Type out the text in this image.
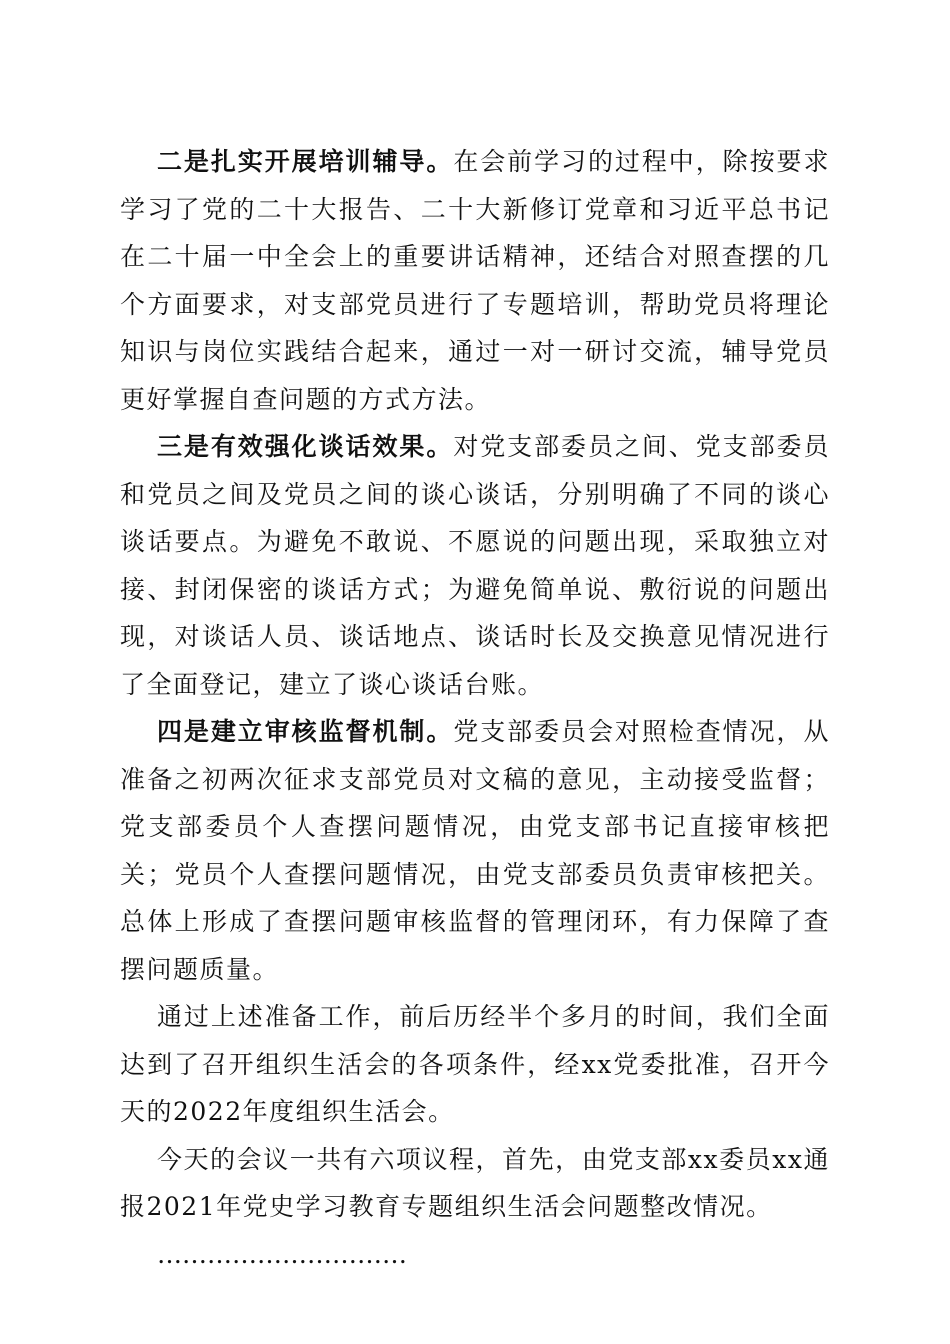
二是扎实开展培训辅导。在会前学习的过程中，除按要求学习了党的二十大报告、二十大新修订党章和习近平总书记在二十届一中全会上的重要讲话精神，还结合对照查摆的几个方面要求，对支部党员进行了专题培训，帮助党员将理论知识与岗位实践结合起来，通过一对一研讨交流，辅导党员更好掌握自查问题的方式方法。

三是有效强化谈话效果。对党支部委员之间、党支部委员和党员之间及党员之间的谈心谈话，分别明确了不同的谈心谈话要点。为避免不敢说、不愿说的问题出现，采取独立对接、封闭保密的谈话方式；为避免简单说、敷衍说的问题出现，对谈话人员、谈话地点、谈话时长及交换意见情况进行了全面登记，建立了谈心谈话台账。

四是建立审核监督机制。党支部委员会对照检查情况，从准备之初两次征求支部党员对文稿的意见，主动接受监督；党支部委员个人查摆问题情况，由党支部书记直接审核把关；党员个人查摆问题情况，由党支部委员负责审核把关。总体上形成了查摆问题审核监督的管理闭环，有力保障了查摆问题质量。

通过上述准备工作，前后历经半个多月的时间，我们全面达到了召开组织生活会的各项条件，经xx党委批准，召开今天的2022年度组织生活会。

今天的会议一共有六项议程，首先，由党支部xx委员xx通报2021年党史学习教育专题组织生活会问题整改情况。

…………………………
